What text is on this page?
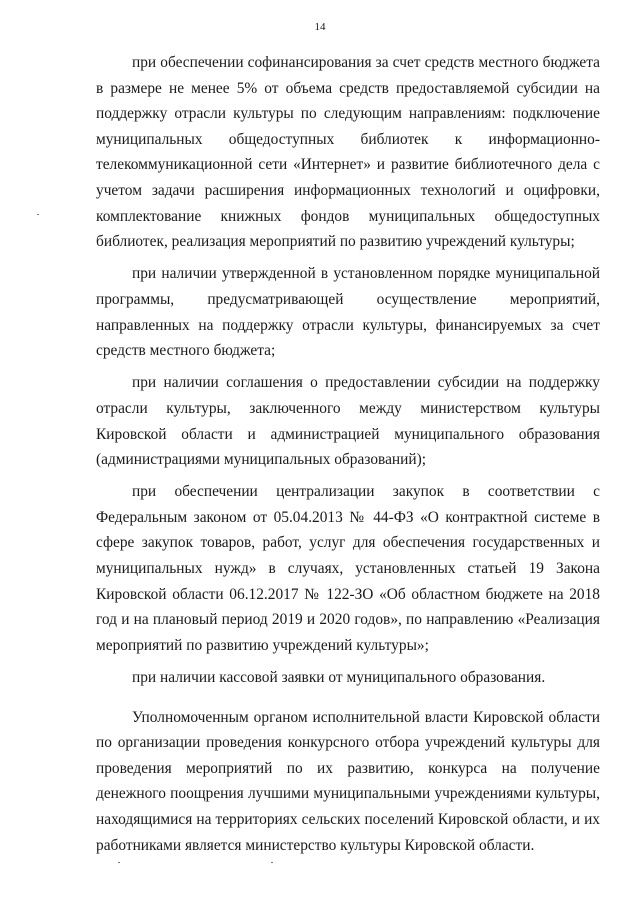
14

при обеспечении софинансирования за счет средств местного бюджета в размере не менее 5% от объема средств предоставляемой субсидии на поддержку отрасли культуры по следующим направлениям: подключение муниципальных общедоступных библиотек к информационно-телекоммуникационной сети «Интернет» и развитие библиотечного дела с учетом задачи расширения информационных технологий и оцифровки, комплектование книжных фондов муниципальных общедоступных библиотек, реализация мероприятий по развитию учреждений культуры;

при наличии утвержденной в установленном порядке муниципальной программы, предусматривающей осуществление мероприятий, направленных на поддержку отрасли культуры, финансируемых за счет средств местного бюджета;

при наличии соглашения о предоставлении субсидии на поддержку отрасли культуры, заключенного между министерством культуры Кировской области и администрацией муниципального образования (администрациями муниципальных образований);

при обеспечении централизации закупок в соответствии с Федеральным законом от 05.04.2013 № 44-ФЗ «О контрактной системе в сфере закупок товаров, работ, услуг для обеспечения государственных и муниципальных нужд» в случаях, установленных статьей 19 Закона Кировской области 06.12.2017 № 122-ЗО «Об областном бюджете на 2018 год и на плановый период 2019 и 2020 годов», по направлению «Реализация мероприятий по развитию учреждений культуры»;

при наличии кассовой заявки от муниципального образования.

Уполномоченным органом исполнительной власти Кировской области по организации проведения конкурсного отбора учреждений культуры для проведения мероприятий по их развитию, конкурса на получение денежного поощрения лучшими муниципальными учреждениями культуры, находящимися на территориях сельских поселений Кировской области, и их работниками является министерство культуры Кировской области.
